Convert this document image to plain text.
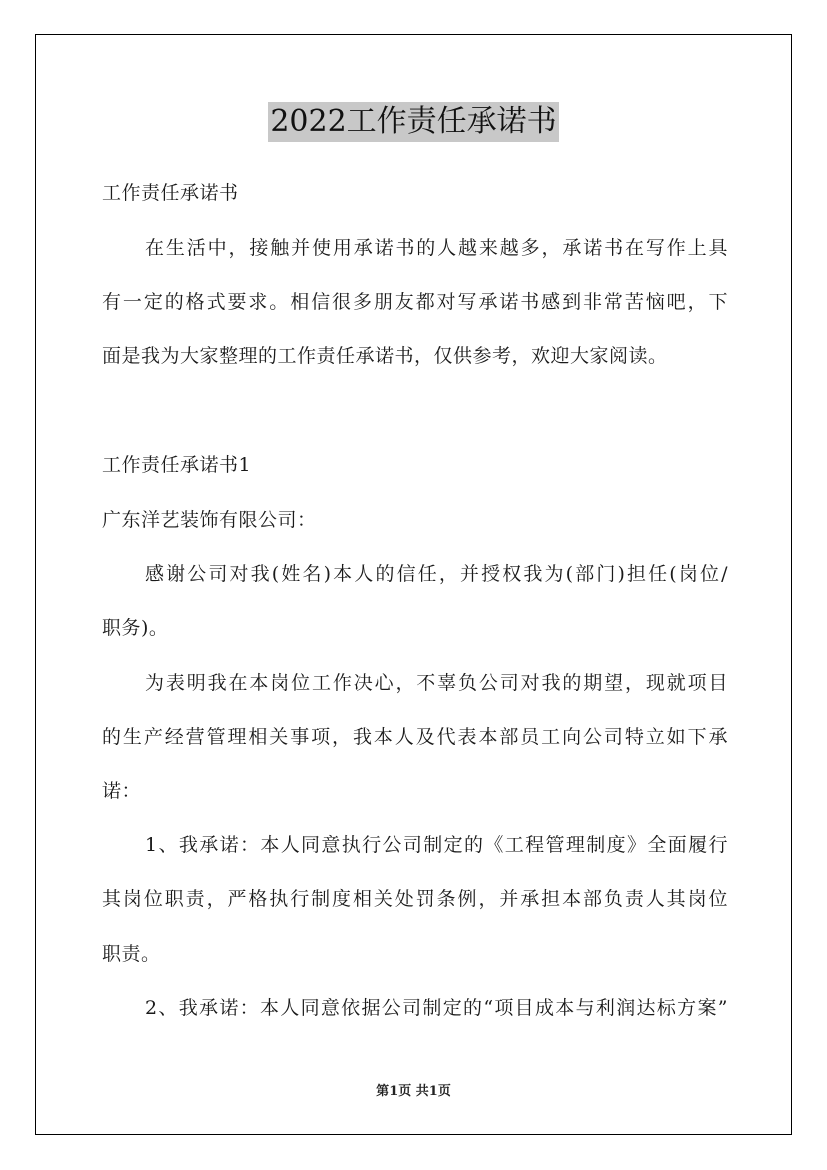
2022工作责任承诺书
工作责任承诺书
在生活中，接触并使用承诺书的人越来越多，承诺书在写作上具
有一定的格式要求。相信很多朋友都对写承诺书感到非常苦恼吧，下
面是我为大家整理的工作责任承诺书，仅供参考，欢迎大家阅读。
工作责任承诺书1
广东洋艺装饰有限公司：
感谢公司对我(姓名)本人的信任，并授权我为(部门)担任(岗位/
职务)。
为表明我在本岗位工作决心，不辜负公司对我的期望，现就项目
的生产经营管理相关事项，我本人及代表本部员工向公司特立如下承
诺：
1、我承诺：本人同意执行公司制定的《工程管理制度》全面履行
其岗位职责，严格执行制度相关处罚条例，并承担本部负责人其岗位
职责。
2、我承诺：本人同意依据公司制定的“项目成本与利润达标方案”
第1页 共1页
